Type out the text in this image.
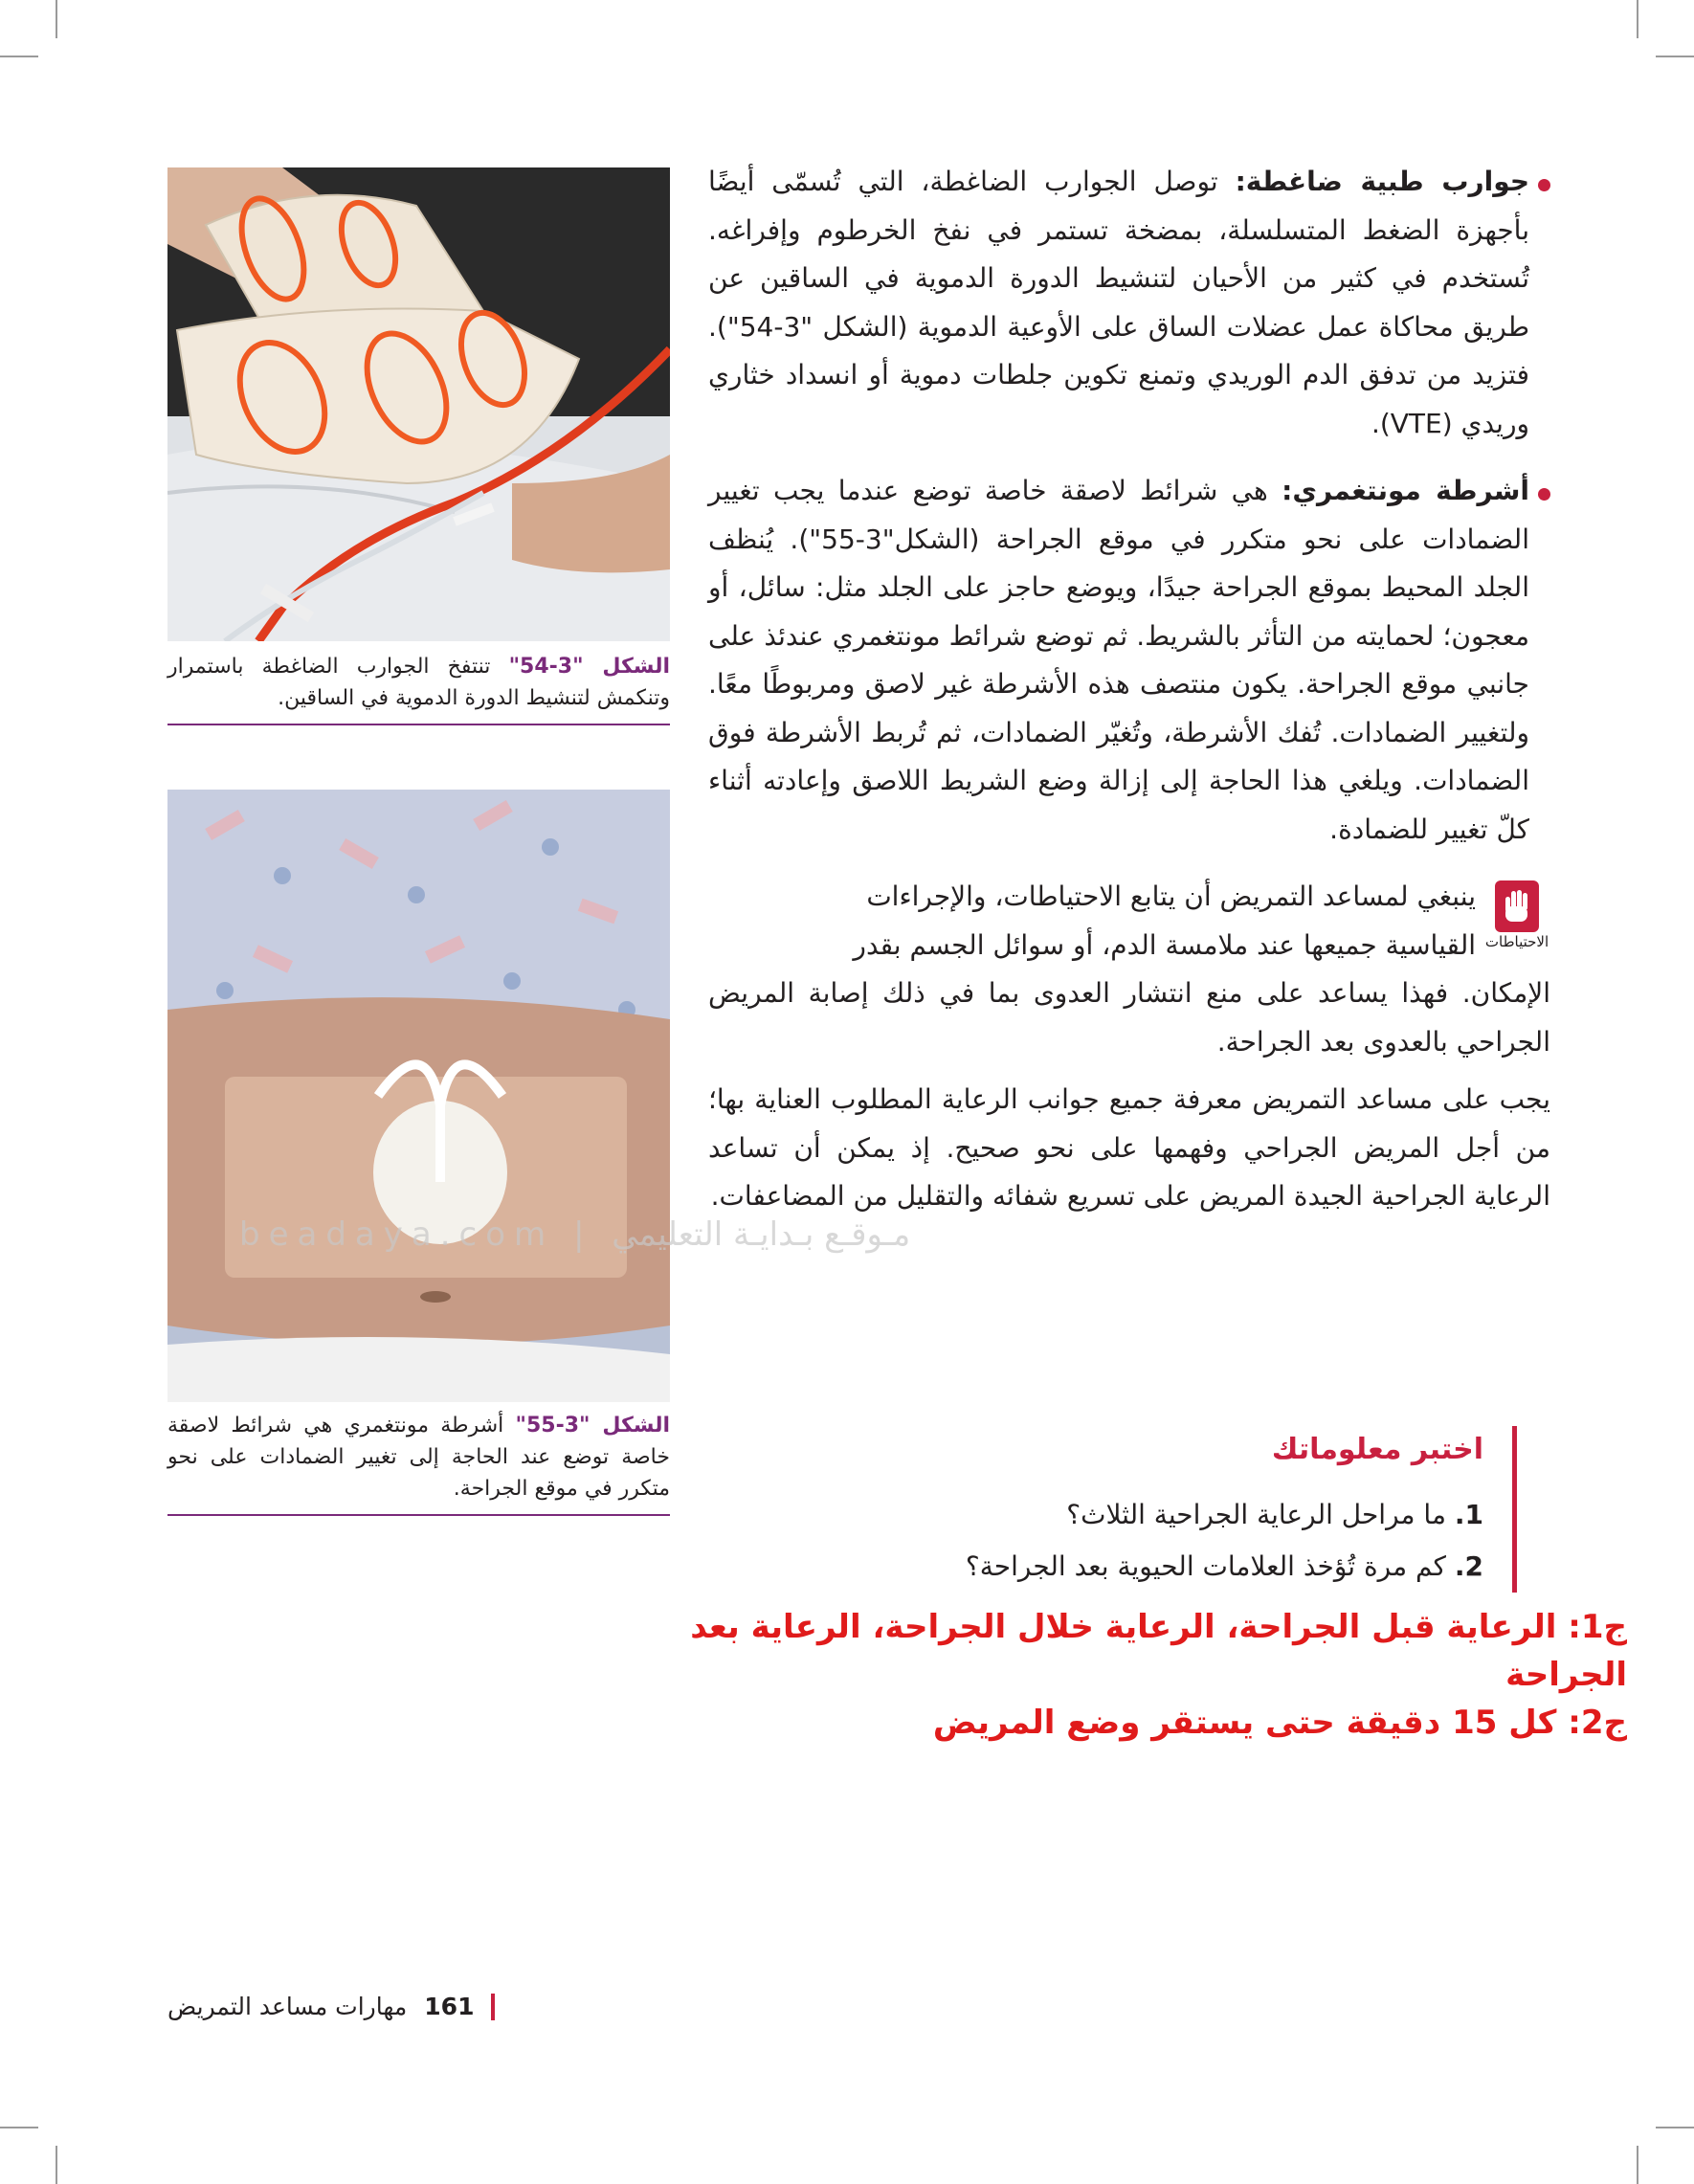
الشكل "3-54" تنتفخ الجوارب الضاغطة باستمرار وتنكمش لتنشيط الدورة الدموية في الساقين.
الشكل "3-55" أشرطة مونتغمري هي شرائط لاصقة خاصة توضع عند الحاجة إلى تغيير الضمادات على نحو متكرر في موقع الجراحة.
beadaya.com | مـوقـع بـدايـة التعليمي

جوارب طبية ضاغطة: توصل الجوارب الضاغطة، التي تُسمّى أيضًا بأجهزة الضغط المتسلسلة، بمضخة تستمر في نفخ الخرطوم وإفراغه. تُستخدم في كثير من الأحيان لتنشيط الدورة الدموية في الساقين عن طريق محاكاة عمل عضلات الساق على الأوعية الدموية (الشكل "3-54"). فتزيد من تدفق الدم الوريدي وتمنع تكوين جلطات دموية أو انسداد خثاري وريدي (VTE).

أشرطة مونتغمري: هي شرائط لاصقة خاصة توضع عندما يجب تغيير الضمادات على نحو متكرر في موقع الجراحة (الشكل"3-55"). يُنظف الجلد المحيط بموقع الجراحة جيدًا، ويوضع حاجز على الجلد مثل: سائل، أو معجون؛ لحمايته من التأثر بالشريط. ثم توضع شرائط مونتغمري عندئذ على جانبي موقع الجراحة. يكون منتصف هذه الأشرطة غير لاصق ومربوطًا معًا. ولتغيير الضمادات. تُفك الأشرطة، وتُغيّر الضمادات، ثم تُربط الأشرطة فوق الضمادات. ويلغي هذا الحاجة إلى إزالة وضع الشريط اللاصق وإعادته أثناء كلّ تغيير للضمادة.

الاحتياطات

ينبغي لمساعد التمريض أن يتابع الاحتياطات، والإجراءات

القياسية جميعها عند ملامسة الدم، أو سوائل الجسم بقدر

الإمكان. فهذا يساعد على منع انتشار العدوى بما في ذلك إصابة المريض الجراحي بالعدوى بعد الجراحة.

يجب على مساعد التمريض معرفة جميع جوانب الرعاية المطلوب العناية بها؛ من أجل المريض الجراحي وفهمها على نحو صحيح. إذ يمكن أن تساعد الرعاية الجراحية الجيدة المريض على تسريع شفائه والتقليل من المضاعفات.

اختبر معلوماتك
1. ما مراحل الرعاية الجراحية الثلاث؟
2. كم مرة تُؤخذ العلامات الحيوية بعد الجراحة؟
ج1: الرعاية قبل الجراحة، الرعاية خلال الجراحة، الرعاية بعد الجراحة
ج2: كل 15 دقيقة حتى يستقر وضع المريض
161
مهارات مساعد التمريض
